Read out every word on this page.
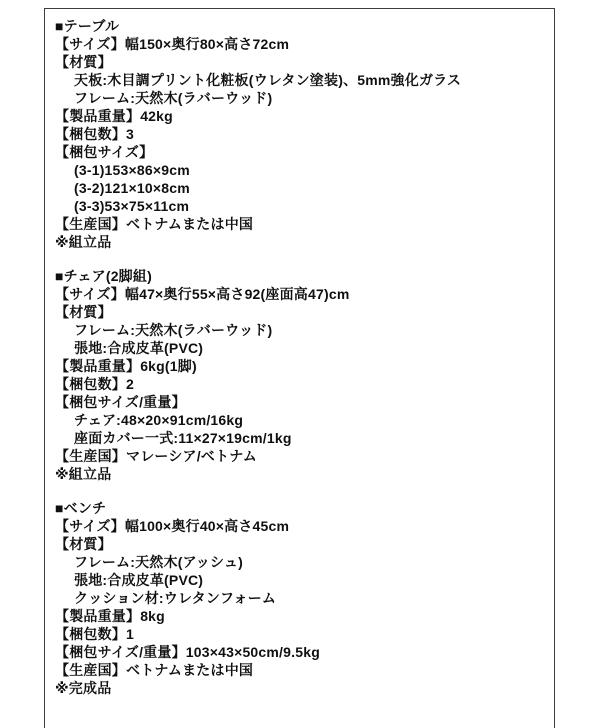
■テーブル
【サイズ】幅150×奥行80×高さ72cm
【材質】
天板:木目調プリント化粧板(ウレタン塗装)、5mm強化ガラス
フレーム:天然木(ラバーウッド)
【製品重量】42kg
【梱包数】3
【梱包サイズ】
(3-1)153×86×9cm
(3-2)121×10×8cm
(3-3)53×75×11cm
【生産国】ベトナムまたは中国
※組立品
■チェア(2脚組)
【サイズ】幅47×奥行55×高さ92(座面高47)cm
【材質】
フレーム:天然木(ラバーウッド)
張地:合成皮革(PVC)
【製品重量】6kg(1脚)
【梱包数】2
【梱包サイズ/重量】
チェア:48×20×91cm/16kg
座面カバー一式:11×27×19cm/1kg
【生産国】マレーシア/ベトナム
※組立品
■ベンチ
【サイズ】幅100×奥行40×高さ45cm
【材質】
フレーム:天然木(アッシュ)
張地:合成皮革(PVC)
クッション材:ウレタンフォーム
【製品重量】8kg
【梱包数】1
【梱包サイズ/重量】103×43×50cm/9.5kg
【生産国】ベトナムまたは中国
※完成品
